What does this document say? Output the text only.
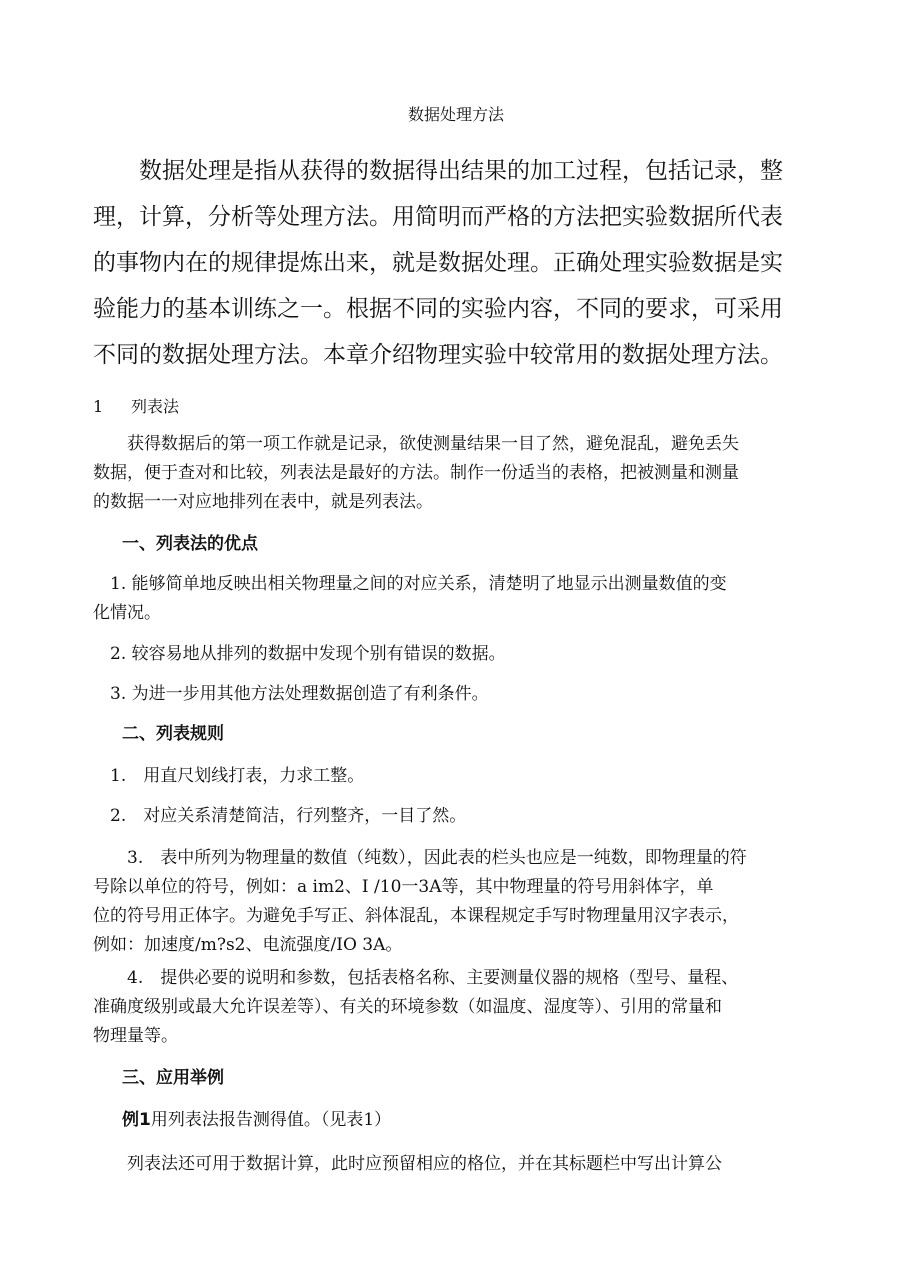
数据处理方法
　　数据处理是指从获得的数据得出结果的加工过程，包括记录，整
理，计算，分析等处理方法。用简明而严格的方法把实验数据所代表
的事物内在的规律提炼出来，就是数据处理。正确处理实验数据是实
验能力的基本训练之一。根据不同的实验内容，不同的要求，可采用
不同的数据处理方法。本章介绍物理实验中较常用的数据处理方法。
1 列表法
　　获得数据后的第一项工作就是记录，欲使测量结果一目了然，避免混乱，避免丢失
数据，便于查对和比较，列表法是最好的方法。制作一份适当的表格，把被测量和测量
的数据一一对应地排列在表中，就是列表法。
一、列表法的优点
　1. 能够简单地反映出相关物理量之间的对应关系，清楚明了地显示出测量数值的变
化情况。
　2. 较容易地从排列的数据中发现个别有错误的数据。
　3. 为进一步用其他方法处理数据创造了有利条件。
二、列表规则
　1.　用直尺划线打表，力求工整。
　2.　对应关系清楚简洁，行列整齐，一目了然。
　　3.　表中所列为物理量的数值（纯数），因此表的栏头也应是一纯数，即物理量的符
号除以单位的符号，例如：a im2、I /10一3A等，其中物理量的符号用斜体字，单
位的符号用正体字。为避免手写正、斜体混乱，本课程规定手写时物理量用汉字表示，
例如：加速度/m?s2、电流强度/IO 3A。
　　4.　提供必要的说明和参数，包括表格名称、主要测量仪器的规格（型号、量程、
准确度级别或最大允许误差等）、有关的环境参数（如温度、湿度等）、引用的常量和
物理量等。
三、应用举例
例1用列表法报告测得值。（见表1）
　　列表法还可用于数据计算，此时应预留相应的格位，并在其标题栏中写出计算公
